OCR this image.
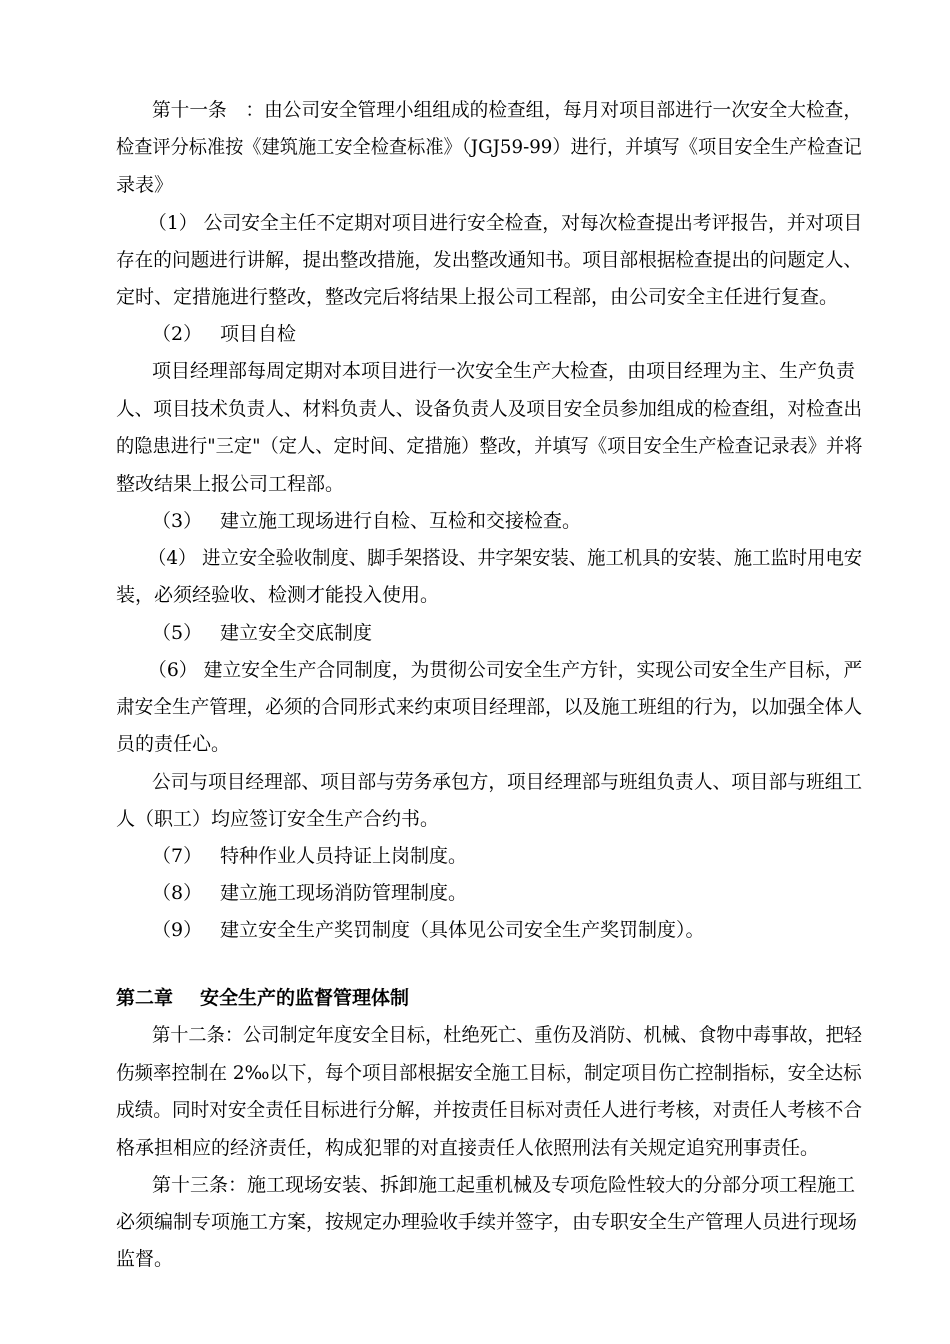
第十一条　：由公司安全管理小组组成的检查组，每月对项目部进行一次安全大检查，
检查评分标准按《建筑施工安全检查标准》（JGJ59-99）进行，并填写《项目安全生产检查记
录表》
（1） 公司安全主任不定期对项目进行安全检查，对每次检查提出考评报告，并对项目
存在的问题进行讲解，提出整改措施，发出整改通知书。项目部根据检查提出的问题定人、
定时、定措施进行整改，整改完后将结果上报公司工程部，由公司安全主任进行复查。
（2） 项目自检
项目经理部每周定期对本项目进行一次安全生产大检查，由项目经理为主、生产负责
人、项目技术负责人、材料负责人、设备负责人及项目安全员参加组成的检查组，对检查出
的隐患进行"三定"（定人、定时间、定措施）整改，并填写《项目安全生产检查记录表》并将
整改结果上报公司工程部。
（3） 建立施工现场进行自检、互检和交接检查。
（4） 进立安全验收制度、脚手架搭设、井字架安装、施工机具的安装、施工监时用电安
装，必须经验收、检测才能投入使用。
（5） 建立安全交底制度
（6） 建立安全生产合同制度，为贯彻公司安全生产方针，实现公司安全生产目标，严
肃安全生产管理，必须的合同形式来约束项目经理部，以及施工班组的行为，以加强全体人
员的责任心。
公司与项目经理部、项目部与劳务承包方，项目经理部与班组负责人、项目部与班组工
人（职工）均应签订安全生产合约书。
（7） 特种作业人员持证上岗制度。
（8） 建立施工现场消防管理制度。
（9） 建立安全生产奖罚制度（具体见公司安全生产奖罚制度）。
第二章 安全生产的监督管理体制
第十二条：公司制定年度安全目标，杜绝死亡、重伤及消防、机械、食物中毒事故，把轻
伤频率控制在 2‰以下，每个项目部根据安全施工目标，制定项目伤亡控制指标，安全达标
成绩。同时对安全责任目标进行分解，并按责任目标对责任人进行考核，对责任人考核不合
格承担相应的经济责任，构成犯罪的对直接责任人依照刑法有关规定追究刑事责任。
第十三条：施工现场安装、拆卸施工起重机械及专项危险性较大的分部分项工程施工
必须编制专项施工方案，按规定办理验收手续并签字，由专职安全生产管理人员进行现场
监督。
